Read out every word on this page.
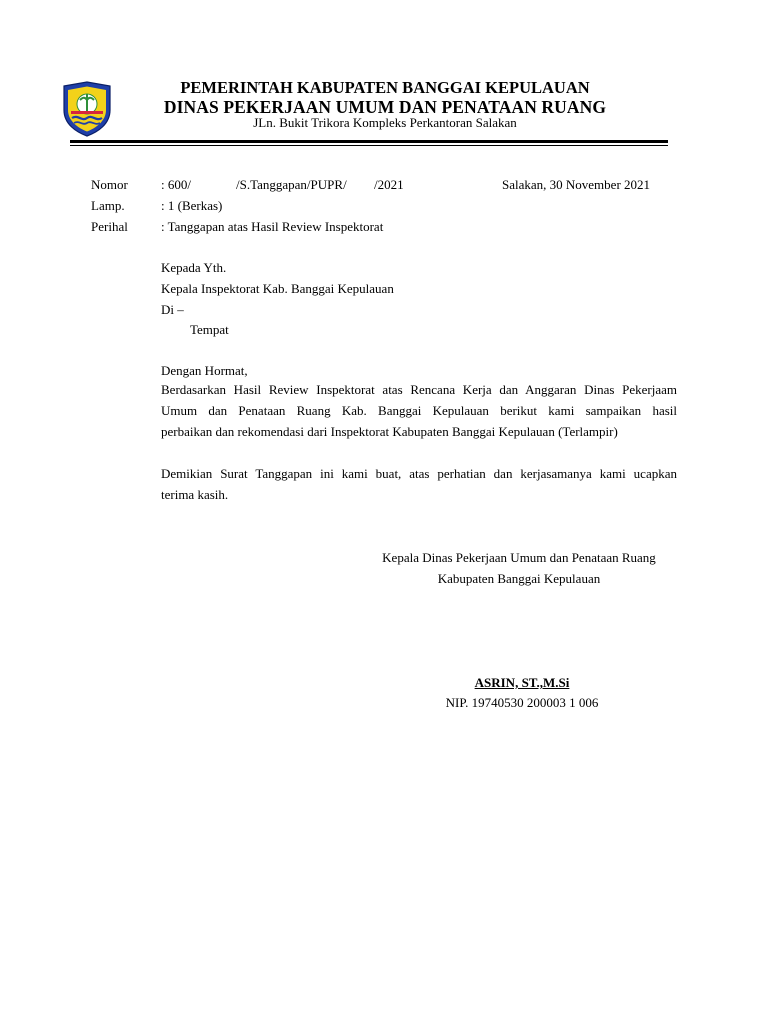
PEMERINTAH KABUPATEN BANGGAI KEPULAUAN
DINAS PEKERJAAN UMUM DAN PENATAAN RUANG
JLn. Bukit Trikora Kompleks Perkantoran Salakan
Nomor	: 600/	/S.Tanggapan/PUPR/ /2021	Salakan, 30 November 2021
Lamp.	: 1 (Berkas)
Perihal	: Tanggapan atas Hasil Review Inspektorat
Kepada Yth.
Kepala Inspektorat Kab. Banggai Kepulauan
Di –
Tempat
Dengan Hormat,
Berdasarkan Hasil Review Inspektorat atas Rencana Kerja dan Anggaran Dinas Pekerjaam
Umum dan Penataan Ruang Kab. Banggai Kepulauan berikut kami sampaikan hasil
perbaikan dan rekomendasi dari Inspektorat Kabupaten Banggai Kepulauan (Terlampir)
Demikian Surat Tanggapan ini kami buat, atas perhatian dan kerjasamanya kami ucapkan
terima kasih.
Kepala Dinas Pekerjaan Umum dan Penataan Ruang
Kabupaten Banggai Kepulauan
ASRIN, ST.,M.Si
NIP. 19740530 200003 1 006
